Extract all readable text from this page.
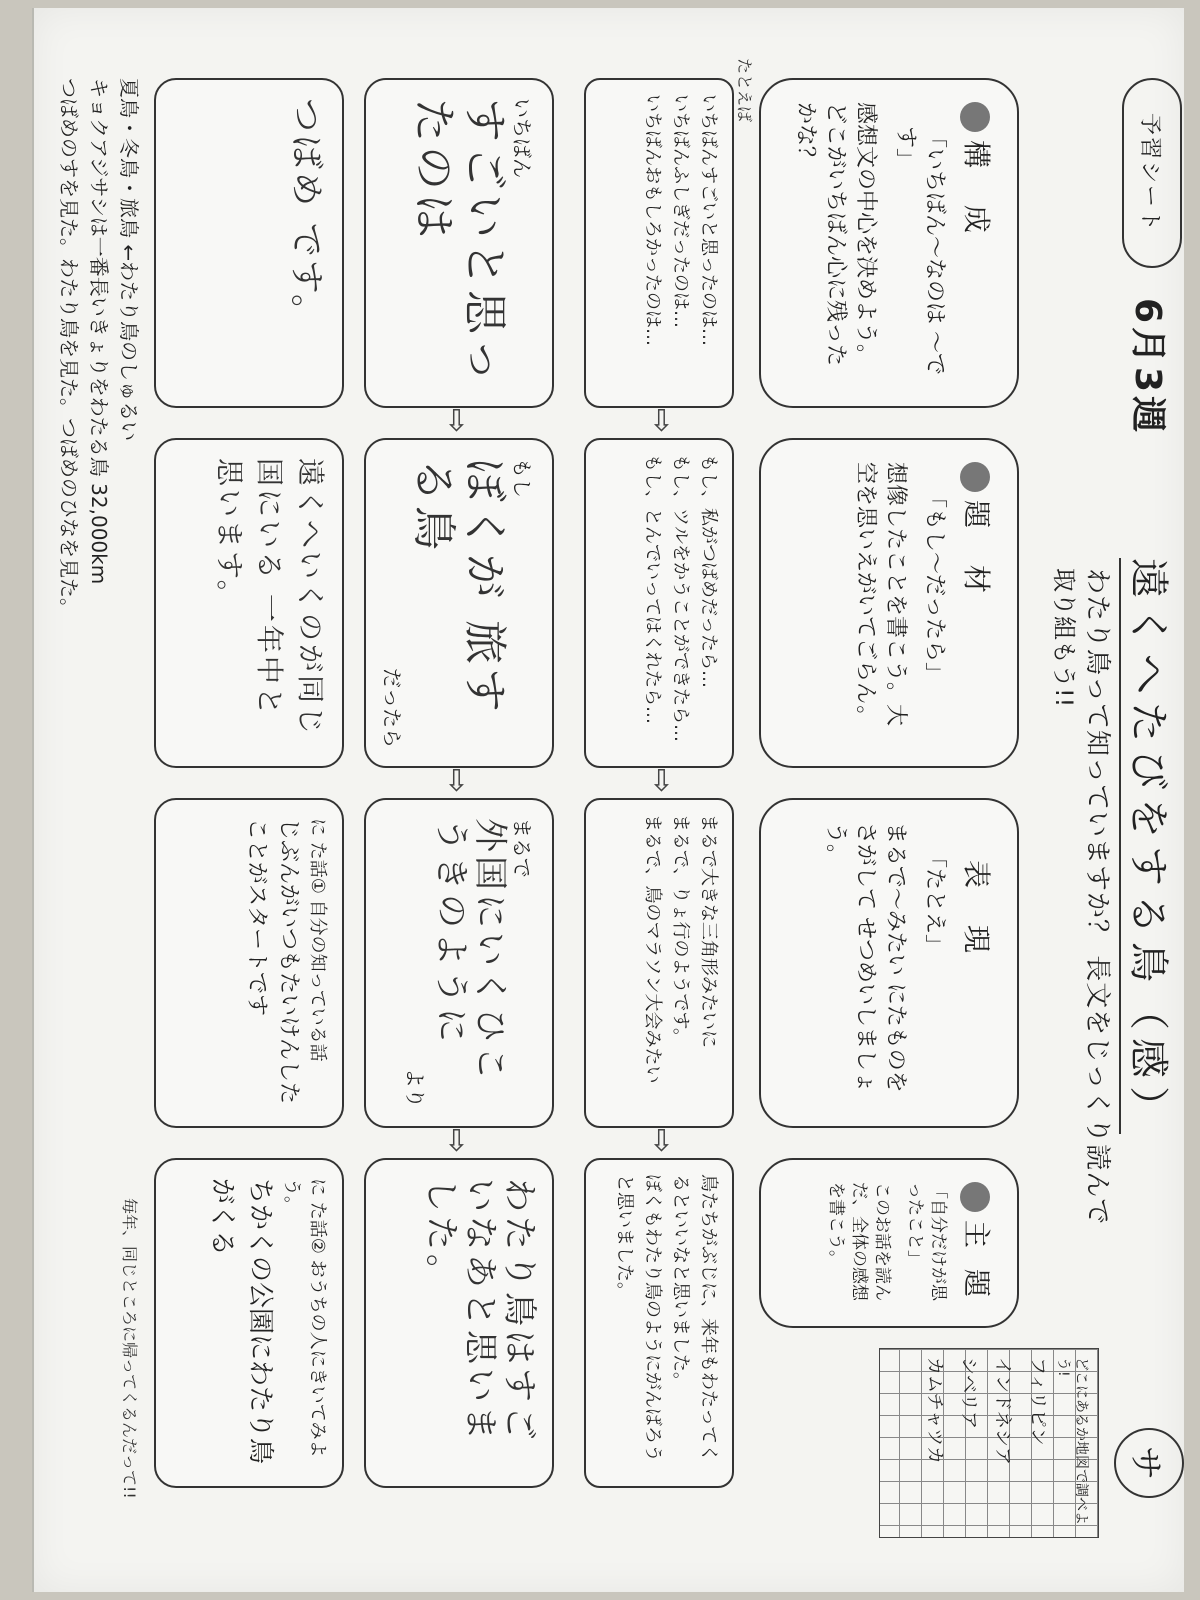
予習シート
6月3週
遠くへたびをする鳥（感）
わたり鳥って知っていますか？ 長文をじっくり読んで
取り組もう!!
サ
どこにあるか地図で調べよう!
フィリピン
インドネシア
シベリア
カムチャツカ
構 成
「いちばん〜なのは 〜です」
感想文の中心を決めよう。どこがいちばん心に残ったかな？
題 材
「もし〜だったら」
想像したことを書こう。大空を思いえがいてごらん。
表 現
「たとえ」
まるで〜みたい にたものをさがして せつめいしましょう。
主 題
「自分だけが思ったこと」
このお話を読んだ、全体の感想を書こう。
いちばんすごいと思ったのは…
いちばんふしぎだったのは…
いちばんおもしろかったのは…
もし、私がつばめだったら…
もし、ツルをかうことができたら…
もし、とんでいってはくれたら…
まるで大きな三角形みたいに
まるで、りょ行のようです。
まるで、鳥のマラソン大会みたい
鳥たちがぶじに、来年もわたってくるといいなと思いました。
ぼくもわたり鳥のようにがんばろうと思いました。
⇨
⇨
⇨
いちばん
すごいと思ったのは
もし
ぼくが 旅する鳥
だったら
まるで
外国にいくひこうきのように
より
わたり鳥はすごいなあと思いました。
⇨
⇨
⇨
つばめ です。
遠くへいくのが同じ国にいる 一年中と思います。
に た話① 自分の知っている話
じぶんがいつもたいけんしたことがスタートです
に た話② おうちの人にきいてみよう。
ちかくの公園にわたり鳥がくる
夏鳥・冬鳥・旅鳥 ←わたり鳥のしゅるい
キョクアジサシは一番長いきょりをわたる鳥 32,000km
つばめのすを見た。わたり鳥を見た。つばめのひなを見た。
毎年、同じところに帰ってくるんだって!!
たとえば
